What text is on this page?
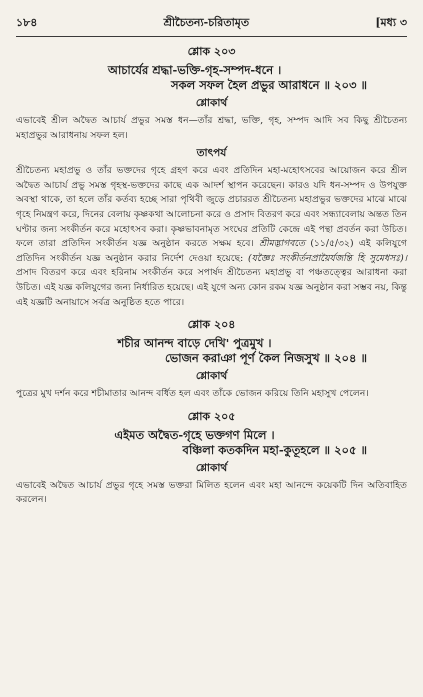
১৮৪	শ্রীচৈতন্য-চরিতামৃত	[মধ্য ৩
শ্লোক ২০৩

আচার্যের শ্রদ্ধা-ভক্তি-গৃহ-সম্পদ-ধনে ।

সকল সফল হৈল প্রভুর আরাধনে ॥ ২০৩ ॥

শ্লোকার্থ

এভাবেই শ্রীল অদ্বৈত আচার্য প্রভুর সমস্ত ধন—তাঁর শ্রদ্ধা, ভক্তি, গৃহ, সম্পদ আদি সব কিছু শ্রীচৈতন্য মহাপ্রভুর আরাধনায় সফল হল।

তাৎপর্য

শ্রীচৈতন্য মহাপ্রভু ও তাঁর ভক্তদের গৃহে গ্রহণ করে এবং প্রতিদিন মহা-মহোৎসবের আয়োজন করে শ্রীল অদ্বৈত আচার্য প্রভু সমস্ত গৃহস্থ-ভক্তদের কাছে এক আদর্শ স্থাপন করেছেন। কারও যদি ধন-সম্পদ ও উপযুক্ত অবস্থা থাকে, তা হলে তাঁর কর্তব্য হচ্ছে সারা পৃথিবী জুড়ে প্রচাররত শ্রীচৈতন্য মহাপ্রভুর ভক্তদের মাঝে মাঝে গৃহে নিমন্ত্রণ করে, দিনের বেলায় কৃষ্ণকথা আলোচনা করে ও প্রসাদ বিতরণ করে এবং সন্ধ্যাবেলায় অন্তত তিন ঘণ্টার জন্য সংকীর্তন করে মহোৎসব করা। কৃষ্ণভাবনামৃত সংঘের প্রতিটি কেন্দ্রে এই পন্থা প্রবর্তন করা উচিত। ফলে তারা প্রতিদিন সংকীর্তন যজ্ঞ অনুষ্ঠান করতে সক্ষম হবে। শ্রীমদ্ভাগবতে (১১/৫/৩২) এই কলিযুগে প্রতিদিন সংকীর্তন যজ্ঞ অনুষ্ঠান করার নির্দেশ দেওয়া হয়েছে: (যজ্ঞৈঃ সংকীর্তনপ্রায়ৈর্যজন্তি হি সুমেধসঃ)। প্রসাদ বিতরণ করে এবং হরিনাম সংকীর্তন করে সপার্ষদ শ্রীচৈতন্য মহাপ্রভু বা পঞ্চতত্ত্বের আরাধনা করা উচিত। এই যজ্ঞ কলিযুগের জন্য নির্ধারিত হয়েছে। এই যুগে অন্য কোন রকম যজ্ঞ অনুষ্ঠান করা সম্ভব নয়, কিন্তু এই যজ্ঞটি অনায়াসে সর্বত্র অনুষ্ঠিত হতে পারে।

শ্লোক ২০৪

শচীর আনন্দ বাড়ে দেখি' পুত্রমুখ ।

ভোজন করাঞা পূর্ণ কৈল নিজসুখ ॥ ২০৪ ॥

শ্লোকার্থ

পুত্রের মুখ দর্শন করে শচীমাতার আনন্দ বর্ধিত হল এবং তাঁকে ভোজন করিয়ে তিনি মহাসুখ পেলেন।

শ্লোক ২০৫

এইমত অদ্বৈত-গৃহে ভক্তগণ মিলে ।

বঞ্চিলা কতকদিন মহা-কুতূহলে ॥ ২০৫ ॥

শ্লোকার্থ

এভাবেই অদ্বৈত আচার্য প্রভুর গৃহে সমস্ত ভক্তরা মিলিত হলেন এবং মহা আনন্দে কয়েকটি দিন অতিবাহিত করলেন।
